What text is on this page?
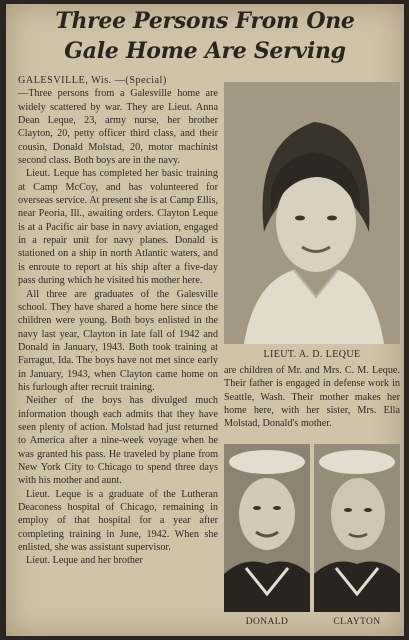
Three Persons From One
Gale Home Are Serving

GALESVILLE, Wis. —(Special)
—Three persons from a Galesville home are widely scattered by war. They are Lieut. Anna Dean Leque, 23, army nurse, her brother Clayton, 20, petty officer third class, and their cousin, Donald Molstad, 20, motor machinist second class. Both boys are in the navy.

Lieut. Leque has completed her basic training at Camp McCoy, and has volunteered for overseas service. At present she is at Camp Ellis, near Peoria, Ill., awaiting orders. Clayton Leque is at a Pacific air base in navy aviation, engaged in a repair unit for navy planes. Donald is stationed on a ship in north Atlantic waters, and is enroute to report at his ship after a five-day pass during which he visited his mother here.

All three are graduates of the Galesville school. They have shared a home here since the children were young. Both boys enlisted in the navy last year, Clayton in late fall of 1942 and Donald in January, 1943. Both took training at Farragut, Ida. The boys have not met since early in January, 1943, when Clayton came home on his furlough after recruit training.

Neither of the boys has divulged much information though each admits that they have seen plenty of action. Molstad had just returned to America after a nine-week voyage when he was granted his pass. He traveled by plane from New York City to Chicago to spend three days with his mother and aunt.

Lieut. Leque is a graduate of the Lutheran Deaconess hospital of Chicago, remaining in employ of that hospital for a year after completing training in June, 1942. When she enlisted, she was assistant supervisor.

Lieut. Leque and her brother

LIEUT. A. D. LEQUE
are children of Mr. and Mrs. C. M. Leque. Their father is engaged in defense work in Seattle, Wash. Their mother makes her home here, with her sister, Mrs. Ella Molstad, Donald's mother.
DONALD	CLAYTON
